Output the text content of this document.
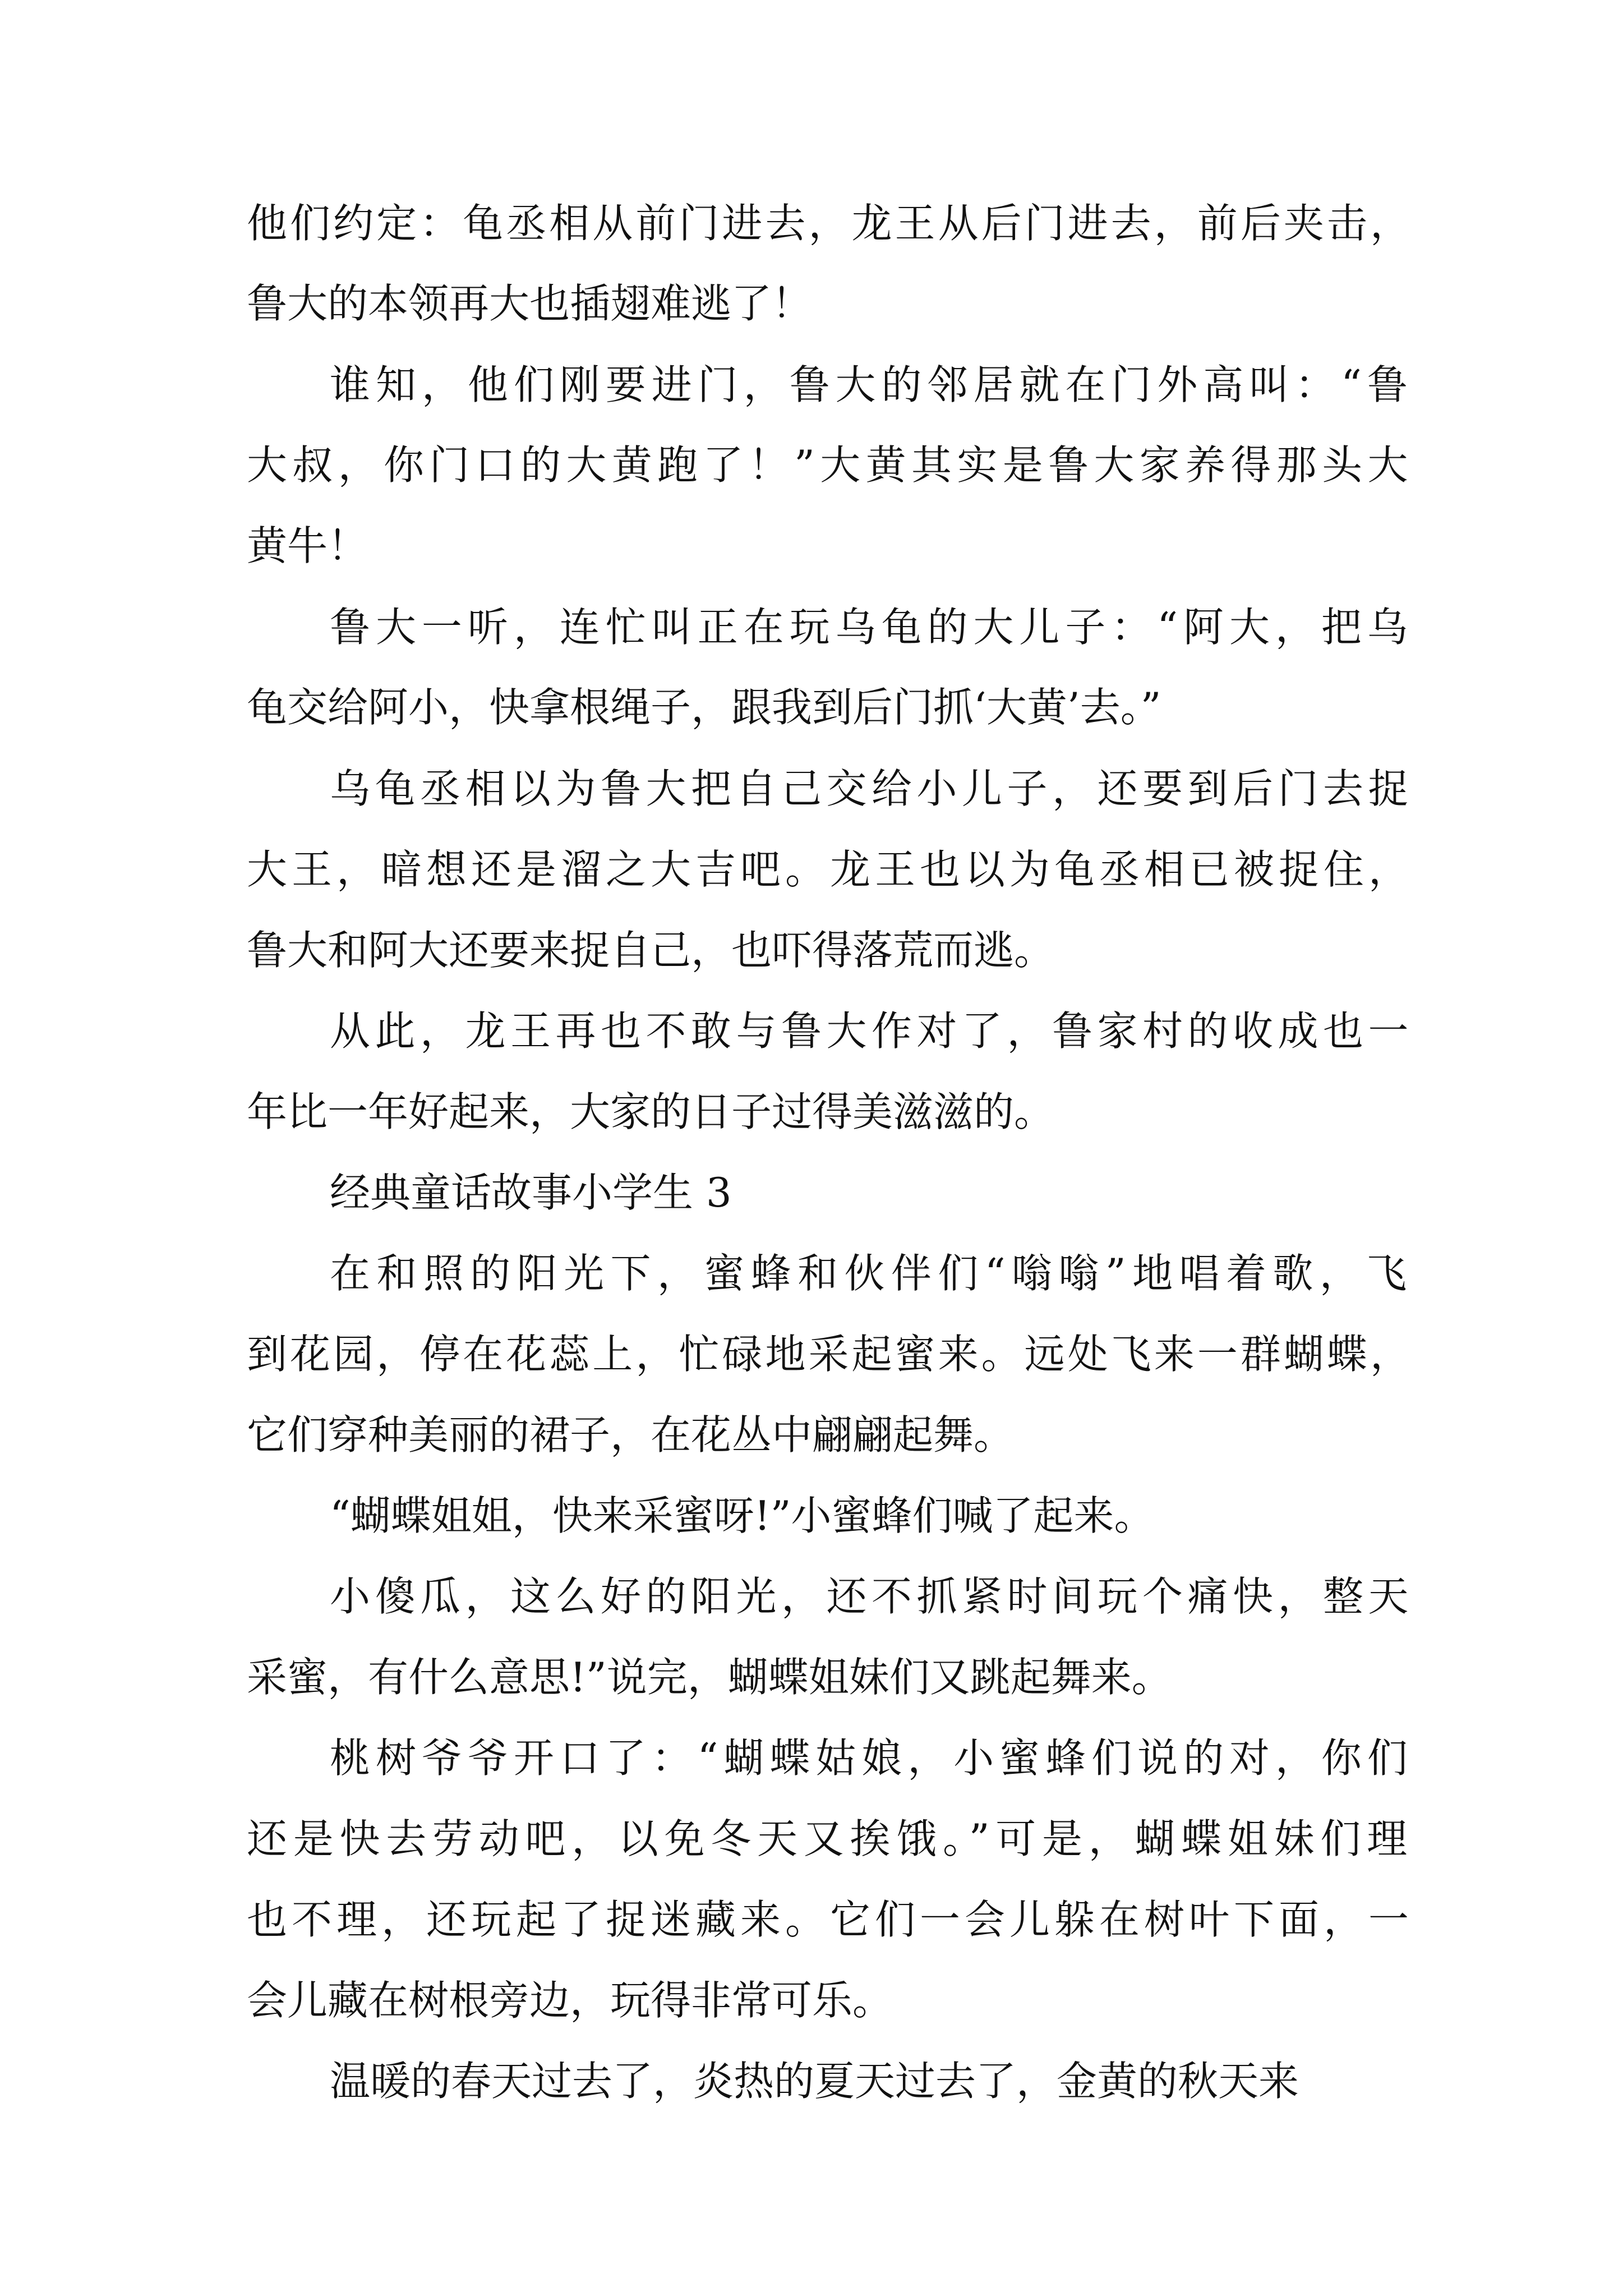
他们约定：龟丞相从前门进去，龙王从后门进去，前后夹击，
鲁大的本领再大也插翅难逃了！
谁知，他们刚要进门，鲁大的邻居就在门外高叫：“鲁
大叔，你门口的大黄跑了！”大黄其实是鲁大家养得那头大
黄牛！
鲁大一听，连忙叫正在玩乌龟的大儿子：“阿大，把乌
龟交给阿小，快拿根绳子，跟我到后门抓‘大黄’去。”
乌龟丞相以为鲁大把自己交给小儿子，还要到后门去捉
大王，暗想还是溜之大吉吧。龙王也以为龟丞相已被捉住，
鲁大和阿大还要来捉自己，也吓得落荒而逃。
从此，龙王再也不敢与鲁大作对了，鲁家村的收成也一
年比一年好起来，大家的日子过得美滋滋的。
经典童话故事小学生 3
在和照的阳光下，蜜蜂和伙伴们“嗡嗡”地唱着歌，飞
到花园，停在花蕊上，忙碌地采起蜜来。远处飞来一群蝴蝶，
它们穿种美丽的裙子，在花丛中翩翩起舞。
“蝴蝶姐姐，快来采蜜呀!”小蜜蜂们喊了起来。
小傻瓜，这么好的阳光，还不抓紧时间玩个痛快，整天
采蜜，有什么意思!”说完，蝴蝶姐妹们又跳起舞来。
桃树爷爷开口了：“蝴蝶姑娘，小蜜蜂们说的对，你们
还是快去劳动吧，以免冬天又挨饿。”可是，蝴蝶姐妹们理
也不理，还玩起了捉迷藏来。它们一会儿躲在树叶下面，一
会儿藏在树根旁边，玩得非常可乐。
温暖的春天过去了，炎热的夏天过去了，金黄的秋天来
